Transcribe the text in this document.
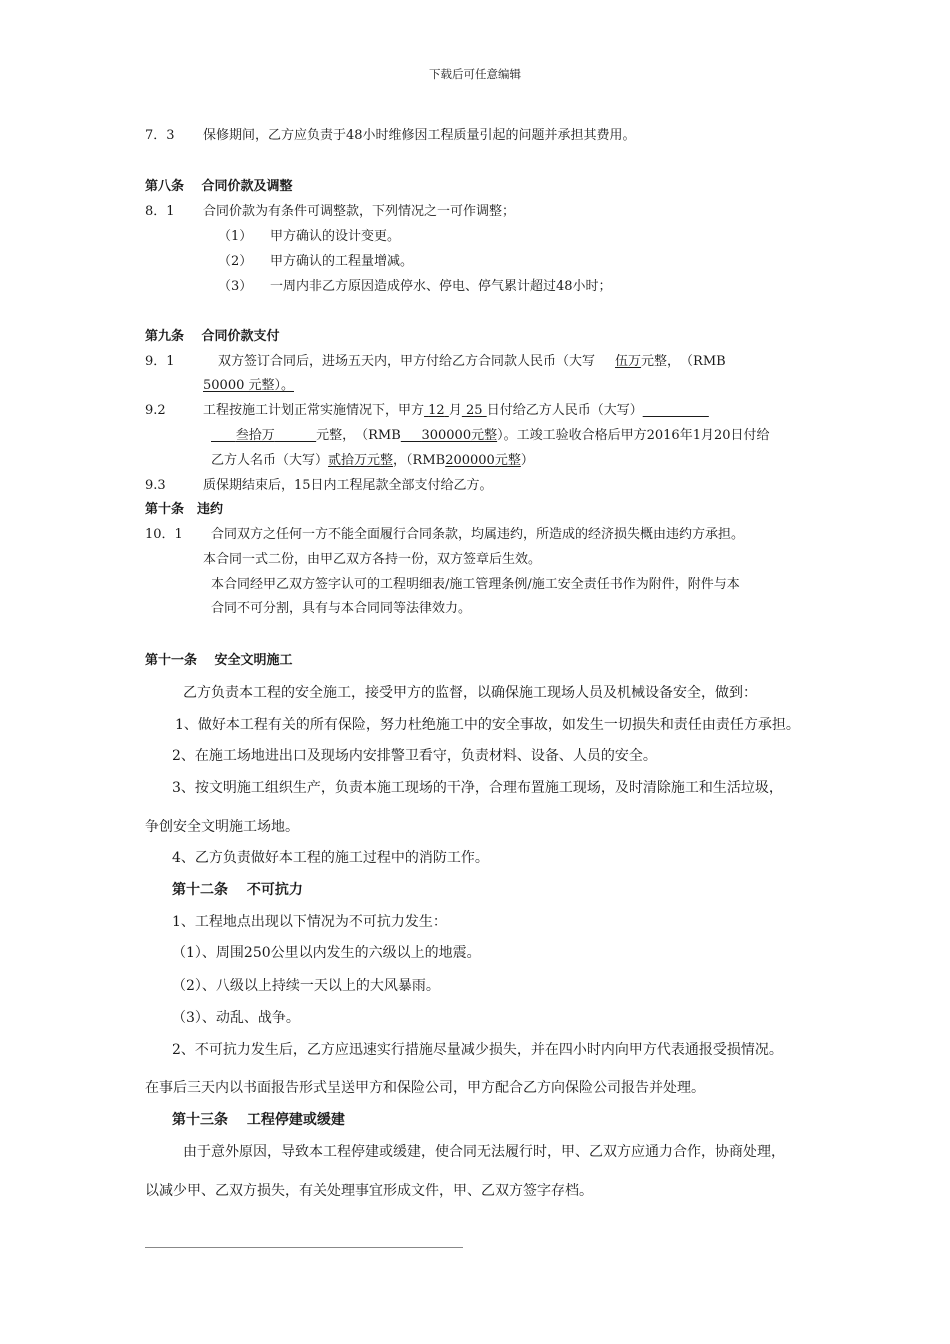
下载后可任意编辑
7．3 保修期间，乙方应负责于48小时维修因工程质量引起的问题并承担其费用。
第八条　 合同价款及调整
8．1 合同价款为有条件可调整款，下列情况之一可作调整；
（1） 甲方确认的设计变更。
（2） 甲方确认的工程量增减。
（3） 一周内非乙方原因造成停水、停电、停气累计超过48小时；
第九条　 合同价款支付
9．1	双方签订合同后，进场五天内，甲方付给乙方合同款人民币（大写 伍万元整，　（RMB
50000 元整）。
9.2	工程按施工计划正常实施情况下，甲方 12 月 25 日付给乙方人民币（大写）
叁拾万	元整，　（RMB 300000元整）。工竣工验收合格后甲方2016年1月20日付给
乙方人名币（大写）贰拾万元整，（RMB200000元整）
9.3	质保期结束后，15日内工程尾款全部支付给乙方。
第十条　违约
10．1 合同双方之任何一方不能全面履行合同条款，均属违约，所造成的经济损失概由违约方承担。
本合同一式二份，由甲乙双方各持一份，双方签章后生效。
本合同经甲乙双方签字认可的工程明细表/施工管理条例/施工安全责任书作为附件，附件与本
合同不可分割，具有与本合同同等法律效力。
第十一条　 安全文明施工
乙方负责本工程的安全施工，接受甲方的监督，以确保施工现场人员及机械设备安全，做到：
1、做好本工程有关的所有保险，努力杜绝施工中的安全事故，如发生一切损失和责任由责任方承担。
2、在施工场地进出口及现场内安排警卫看守，负责材料、设备、人员的安全。
3、按文明施工组织生产，负责本施工现场的干净，合理布置施工现场，及时清除施工和生活垃圾，
争创安全文明施工场地。
4、乙方负责做好本工程的施工过程中的消防工作。
第十二条　 不可抗力
1、工程地点出现以下情况为不可抗力发生：
（1）、周围250公里以内发生的六级以上的地震。
（2）、八级以上持续一天以上的大风暴雨。
（3）、动乱、战争。
2、不可抗力发生后，乙方应迅速实行措施尽量减少损失，并在四小时内向甲方代表通报受损情况。
在事后三天内以书面报告形式呈送甲方和保险公司，甲方配合乙方向保险公司报告并处理。
第十三条　 工程停建或缓建
由于意外原因，导致本工程停建或缓建，使合同无法履行时，甲、乙双方应通力合作，协商处理，
以减少甲、乙双方损失，有关处理事宜形成文件，甲、乙双方签字存档。
